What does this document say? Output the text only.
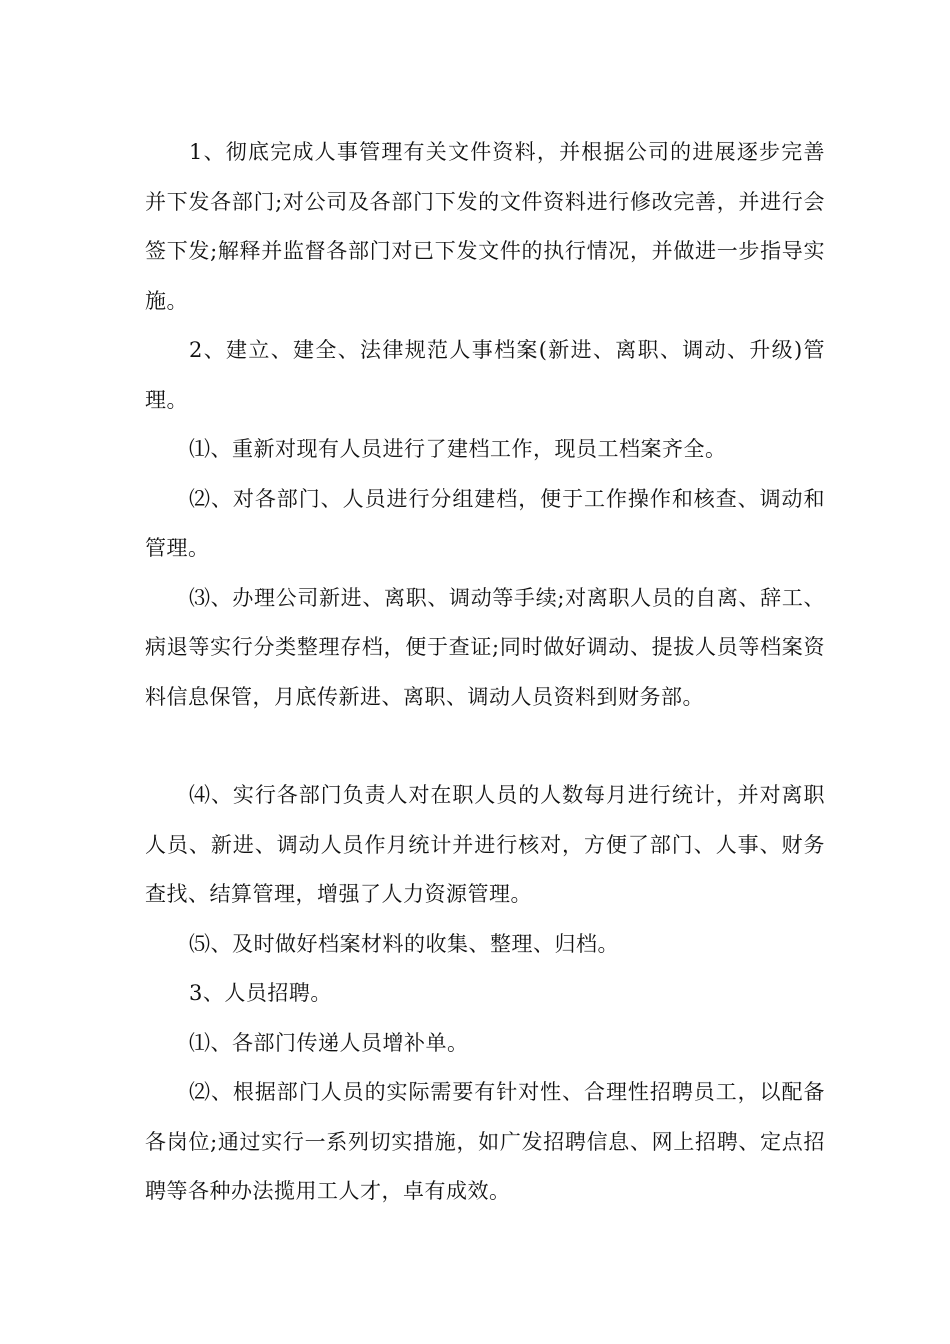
1、彻底完成人事管理有关文件资料，并根据公司的进展逐步完善并下发各部门;对公司及各部门下发的文件资料进行修改完善，并进行会签下发;解释并监督各部门对已下发文件的执行情况，并做进一步指导实施。

2、建立、建全、法律规范人事档案(新进、离职、调动、升级)管理。

⑴、重新对现有人员进行了建档工作，现员工档案齐全。

⑵、对各部门、人员进行分组建档，便于工作操作和核查、调动和管理。

⑶、办理公司新进、离职、调动等手续;对离职人员的自离、辞工、病退等实行分类整理存档，便于查证;同时做好调动、提拔人员等档案资料信息保管，月底传新进、离职、调动人员资料到财务部。

⑷、实行各部门负责人对在职人员的人数每月进行统计，并对离职人员、新进、调动人员作月统计并进行核对，方便了部门、人事、财务查找、结算管理，增强了人力资源管理。

⑸、及时做好档案材料的收集、整理、归档。

3、人员招聘。

⑴、各部门传递人员增补单。

⑵、根据部门人员的实际需要有针对性、合理性招聘员工，以配备各岗位;通过实行一系列切实措施，如广发招聘信息、网上招聘、定点招聘等各种办法揽用工人才，卓有成效。
